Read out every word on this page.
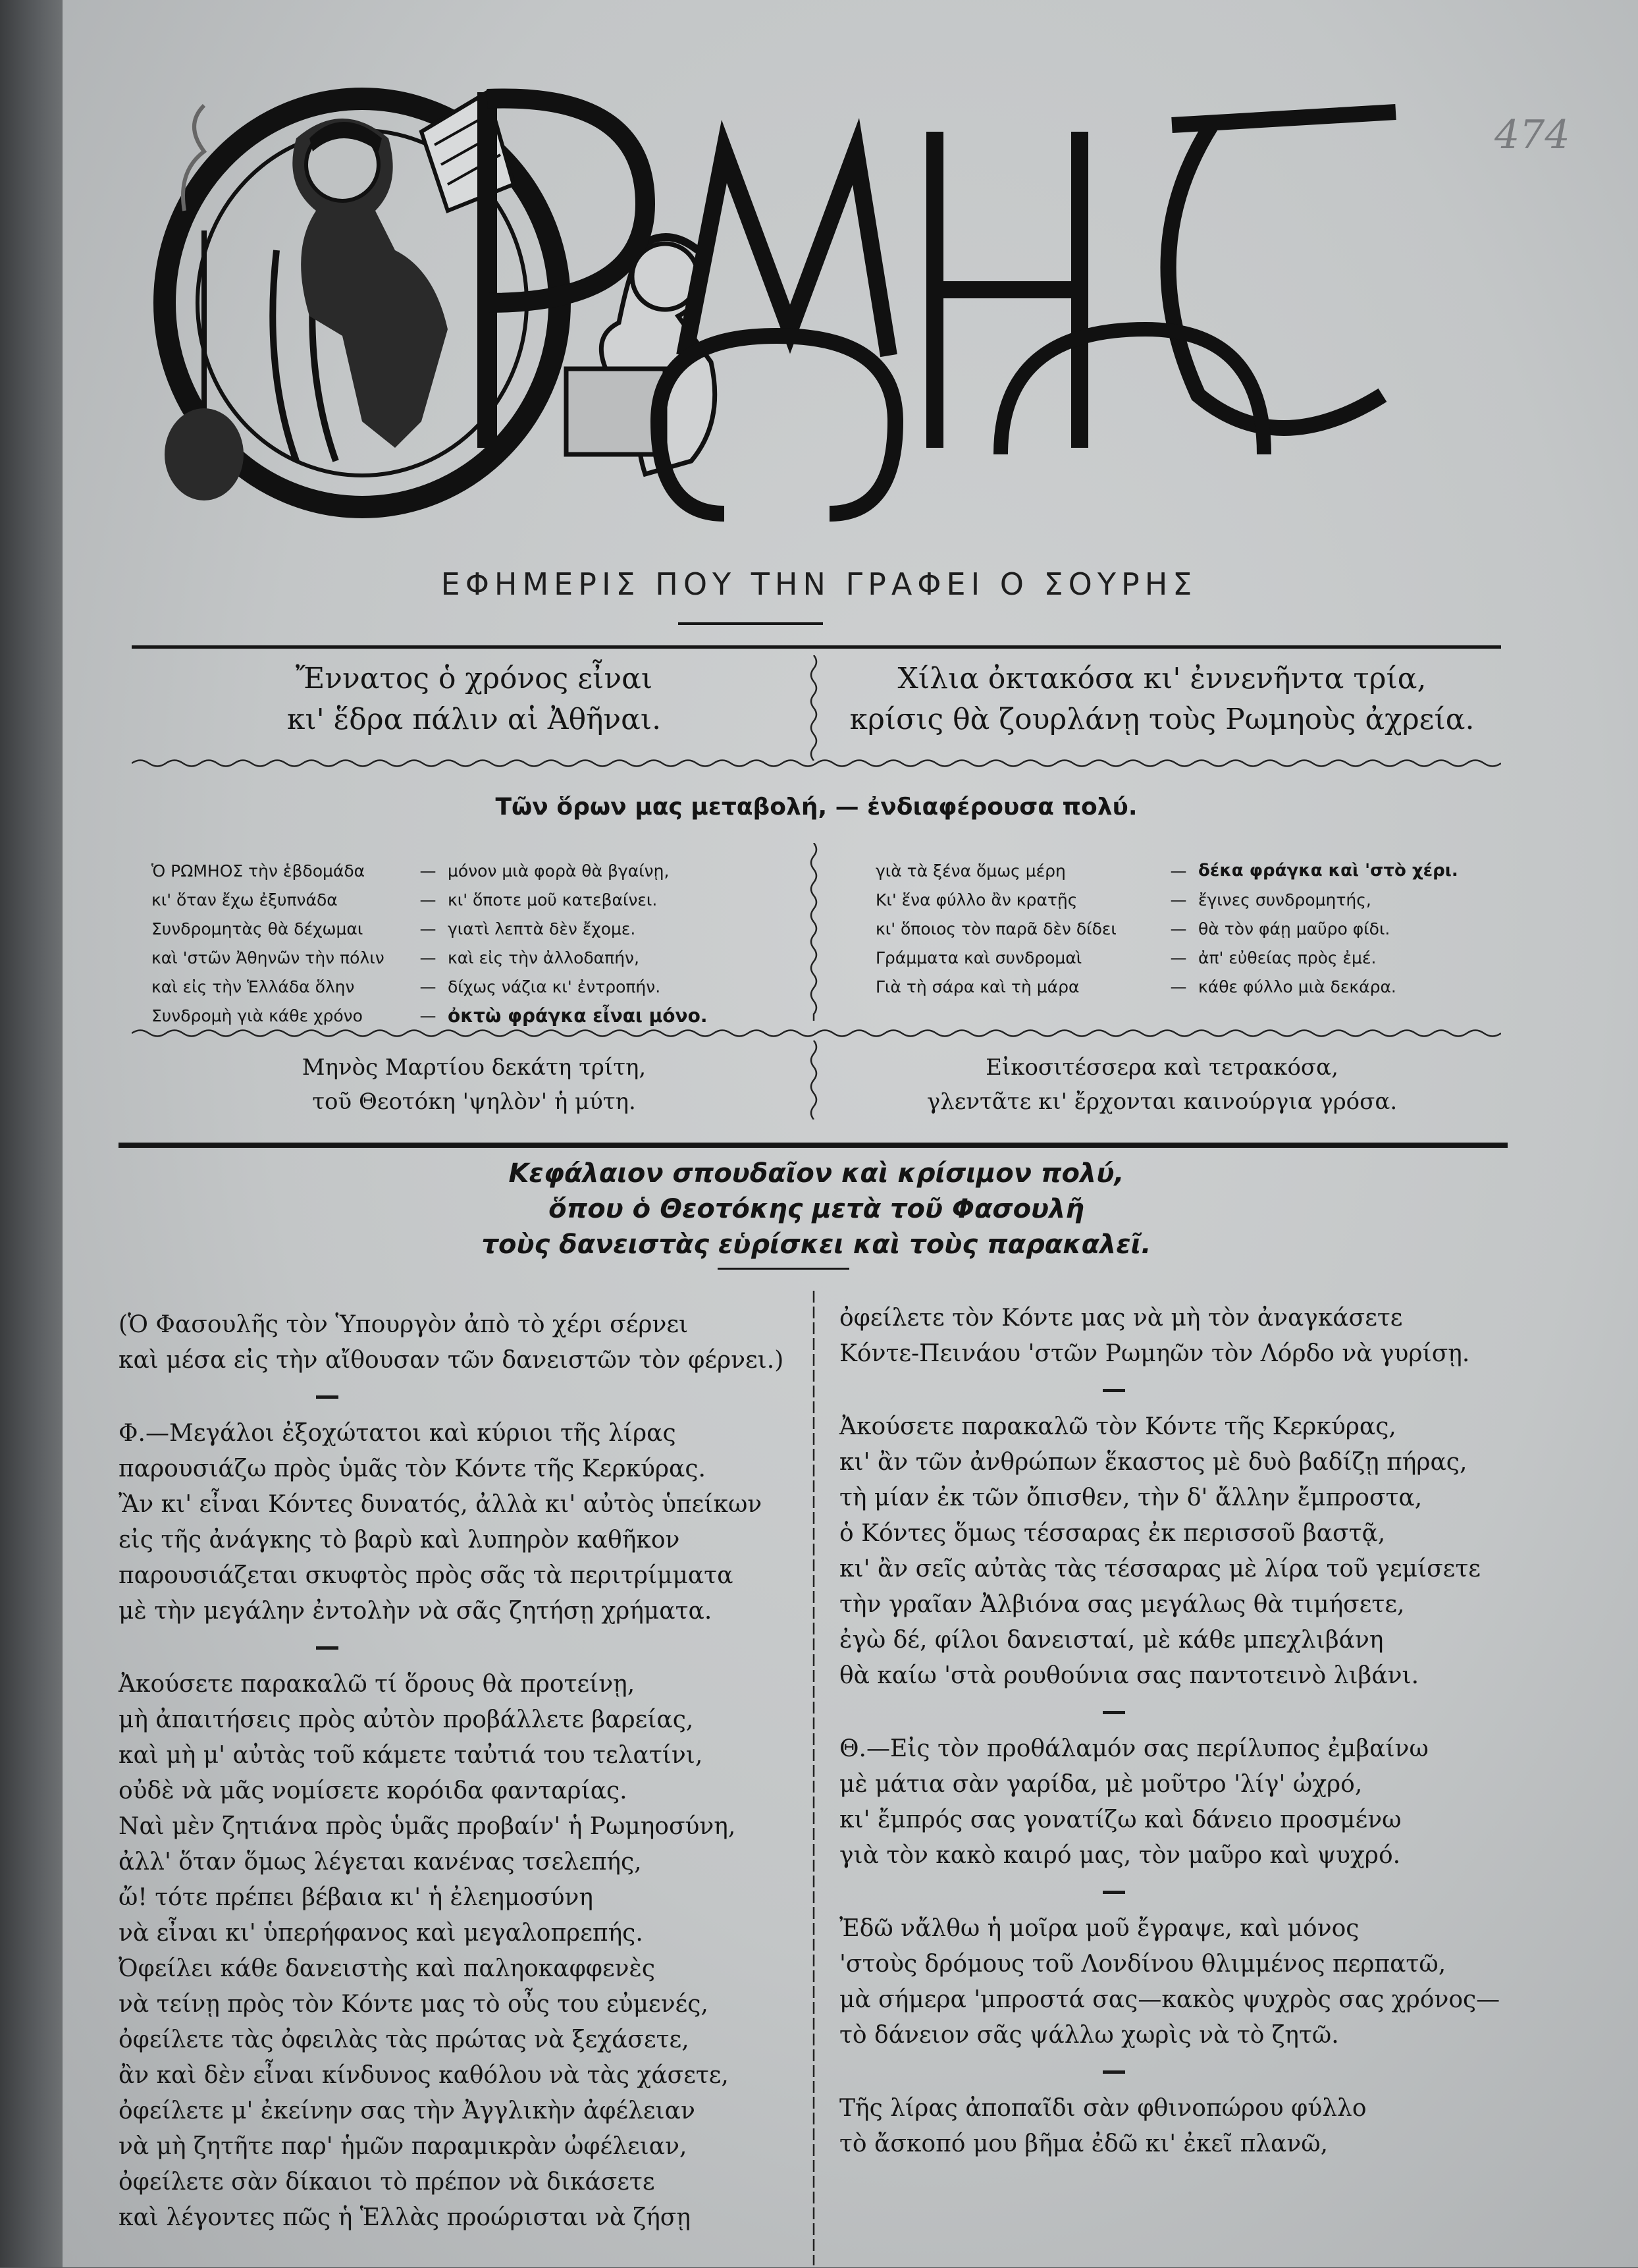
474
ΕΦΗΜΕΡΙΣ ΠΟΥ ΤΗΝ ΓΡΑΦΕΙ Ο ΣΟΥΡΗΣ
Ἔννατος ὁ χρόνος εἶναι
κι' ἕδρα πάλιν αἱ Ἀθῆναι.
Χίλια ὀκτακόσα κι' ἐννενῆντα τρία,
κρίσις θὰ ζουρλάνῃ τοὺς Ρωμηοὺς ἀχρεία.
Τῶν ὅρων μας μεταβολή, — ἐνδιαφέρουσα πολύ.
Ὁ ΡΩΜΗΟΣ τὴν ἑβδομάδα	— μόνον μιὰ φορὰ θὰ βγαίνῃ,
κι' ὅταν ἔχω ἐξυπνάδα	— κι' ὅποτε μοῦ κατεβαίνει.
Συνδρομητὰς θὰ δέχωμαι	— γιατὶ λεπτὰ δὲν ἔχομε.
καὶ 'στῶν Ἀθηνῶν τὴν πόλιν	— καὶ εἰς τὴν ἀλλοδαπήν,
καὶ εἰς τὴν Ἑλλάδα ὅλην	— δίχως νάζια κι' ἐντροπήν.
Συνδρομὴ γιὰ κάθε χρόνο	— ὀκτὼ φράγκα εἶναι μόνο.
γιὰ τὰ ξένα ὅμως μέρη	— δέκα φράγκα καὶ 'στὸ χέρι.
Κι' ἕνα φύλλο ἂν κρατῇς	— ἔγινες συνδρομητής,
κι' ὅποιος τὸν παρᾶ δὲν δίδει	— θὰ τὸν φάῃ μαῦρο φίδι.
Γράμματα καὶ συνδρομαὶ	— ἀπ' εὐθείας πρὸς ἐμέ.
Γιὰ τὴ σάρα καὶ τὴ μάρα	— κάθε φύλλο μιὰ δεκάρα.
Μηνὸς Μαρτίου δεκάτη τρίτη,
τοῦ Θεοτόκη 'ψηλὸν' ἡ μύτη.
Εἰκοσιτέσσερα καὶ τετρακόσα,
γλεντᾶτε κι' ἔρχονται καινούργια γρόσα.
Κεφάλαιον σπουδαῖον καὶ κρίσιμον πολύ,
ὅπου ὁ Θεοτόκης μετὰ τοῦ Φασουλῆ
τοὺς δανειστὰς εὑρίσκει καὶ τοὺς παρακαλεῖ.
(Ὁ Φασουλῆς τὸν Ὑπουργὸν ἀπὸ τὸ χέρι σέρνει
καὶ μέσα εἰς τὴν αἴθουσαν τῶν δανειστῶν τὸν φέρνει.)
Φ.—Μεγάλοι ἐξοχώτατοι καὶ κύριοι τῆς λίρας
παρουσιάζω πρὸς ὑμᾶς τὸν Κόντε τῆς Κερκύρας.
Ἂν κι' εἶναι Κόντες δυνατός, ἀλλὰ κι' αὐτὸς ὑπείκων
εἰς τῆς ἀνάγκης τὸ βαρὺ καὶ λυπηρὸν καθῆκον
παρουσιάζεται σκυφτὸς πρὸς σᾶς τὰ περιτρίμματα
μὲ τὴν μεγάλην ἐντολὴν νὰ σᾶς ζητήσῃ χρήματα.
Ἀκούσετε παρακαλῶ τί ὅρους θὰ προτείνῃ,
μὴ ἀπαιτήσεις πρὸς αὐτὸν προβάλλετε βαρείας,
καὶ μὴ μ' αὐτὰς τοῦ κάμετε ταὐτιά του τελατίνι,
οὐδὲ νὰ μᾶς νομίσετε κορόιδα φανταρίας.
Ναὶ μὲν ζητιάνα πρὸς ὑμᾶς προβαίν' ἡ Ρωμηοσύνη,
ἀλλ' ὅταν ὅμως λέγεται κανένας τσελεπής,
ὤ! τότε πρέπει βέβαια κι' ἡ ἐλεημοσύνη
νὰ εἶναι κι' ὑπερήφανος καὶ μεγαλοπρεπής.
Ὀφείλει κάθε δανειστὴς καὶ παληοκαφφενὲς
νὰ τείνῃ πρὸς τὸν Κόντε μας τὸ οὖς του εὐμενές,
ὀφείλετε τὰς ὀφειλὰς τὰς πρώτας νὰ ξεχάσετε,
ἂν καὶ δὲν εἶναι κίνδυνος καθόλου νὰ τὰς χάσετε,
ὀφείλετε μ' ἐκείνην σας τὴν Ἀγγλικὴν ἀφέλειαν
νὰ μὴ ζητῆτε παρ' ἡμῶν παραμικρὰν ὠφέλειαν,
ὀφείλετε σὰν δίκαιοι τὸ πρέπον νὰ δικάσετε
καὶ λέγοντες πῶς ἡ Ἑλλὰς προώρισται νὰ ζήσῃ
ὀφείλετε τὸν Κόντε μας νὰ μὴ τὸν ἀναγκάσετε
Κόντε-Πεινάου 'στῶν Ρωμηῶν τὸν Λόρδο νὰ γυρίσῃ.
Ἀκούσετε παρακαλῶ τὸν Κόντε τῆς Κερκύρας,
κι' ἂν τῶν ἀνθρώπων ἕκαστος μὲ δυὸ βαδίζῃ πήρας,
τὴ μίαν ἐκ τῶν ὄπισθεν, τὴν δ' ἄλλην ἔμπροστα,
ὁ Κόντες ὅμως τέσσαρας ἐκ περισσοῦ βαστᾷ,
κι' ἂν σεῖς αὐτὰς τὰς τέσσαρας μὲ λίρα τοῦ γεμίσετε
τὴν γραῖαν Ἀλβιόνα σας μεγάλως θὰ τιμήσετε,
ἐγὼ δέ, φίλοι δανεισταί, μὲ κάθε μπεχλιβάνη
θὰ καίω 'στὰ ρουθούνια σας παντοτεινὸ λιβάνι.
Θ.—Εἰς τὸν προθάλαμόν σας περίλυπος ἐμβαίνω
μὲ μάτια σὰν γαρίδα, μὲ μοῦτρο 'λίγ' ὠχρό,
κι' ἔμπρός σας γονατίζω καὶ δάνειο προσμένω
γιὰ τὸν κακὸ καιρό μας, τὸν μαῦρο καὶ ψυχρό.
Ἐδῶ νἄλθω ἡ μοῖρα μοῦ ἔγραψε, καὶ μόνος
'στοὺς δρόμους τοῦ Λονδίνου θλιμμένος περπατῶ,
μὰ σήμερα 'μπροστά σας—κακὸς ψυχρὸς σας χρόνος—
τὸ δάνειον σᾶς ψάλλω χωρὶς νὰ τὸ ζητῶ.
Τῆς λίρας ἀποπαῖδι σὰν φθινοπώρου φύλλο
τὸ ἄσκοπό μου βῆμα ἐδῶ κι' ἐκεῖ πλανῶ,
